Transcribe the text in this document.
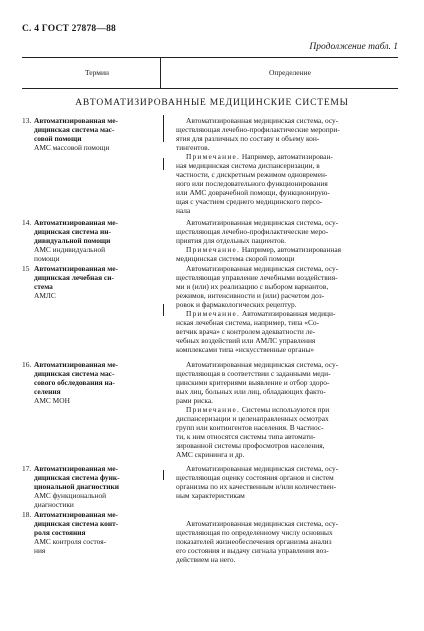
С. 4 ГОСТ 27878—88
Продолжение табл. 1
Термин	Определение
АВТОМАТИЗИРОВАННЫЕ МЕДИЦИНСКИЕ СИСТЕМЫ
13. Автоматизированная ме-
дицинская система мас-
совой помощи
АМС массовой помощи
Автоматизированная медицинская система, осу-
ществляющая лечебно-профилактические меропри-
ятия для различных по составу и объему кон-
тингентов.
Примечание. Например, автоматизирован-
ная медицинская система диспансеризации, в
частности, с дискретным режимом одновремен-
ного или последовательного функционирования
или АМС доврачебной помощи, функционирую-
щая с участием среднего медицинского персо-
нала
14. Автоматизированная ме-
дицинская система ин-
дивидуальной помощи
АМС индивидуальной
помощи
Автоматизированная медицинская система, осу-
ществляющая лечебно-профилактические меро-
приятия для отдельных пациентов.
Примечание. Например, автоматизированная
медицинская система скорой помощи
15 Автоматизированная ме-
дицинская лечебная си-
стема
АМЛС
Автоматизированная медицинская система, осу-
ществляющая управление лечебными воздействия-
ми и (или) их реализацию с выбором вариантов,
режимов, интенсивности и (или) расчетом доз-
ровок и фармакологических рецептур.
Примечание. Автоматизированная медици-
нская лечебная система, например, типа «Со-
ветчик врача» с контролем адекватности ле-
чебных воздействий или АМЛС управления
комплексами типа «искусственные органы»
16. Автоматизированная ме-
дицинская система мас-
сового обследования на-
селения
АМС МОН
Автоматизированная медицинская система, осу-
ществляющая в соответствии с заданными меди-
цинскими критериями выявление и отбор здоро-
вых лиц, больных или лиц, обладающих факто-
рами риска.
Примечание. Системы используются при
диспансеризации и целенаправленных осмотрах
групп или контингентов населения. В частнос-
ти, к ним относятся системы типа автомати-
зированной системы профосмотров населения,
АМС скрининга и др.
17. Автоматизированная ме-
дицинская система функ-
циональной диагностики
АМС функциональной
диагностики
Автоматизированная медицинская система, осу-
ществляющая оценку состояния органов и систем
организма по их качественным и/или количествен-
ным характеристикам
18. Автоматизированная ме-
дицинская система конт-
роля состояния
АМС контроля состоя-
ния
Автоматизированная медицинская система, осу-
ществляющая по определенному числу основных
показателей жизнеобеспечения организма анализ
его состояния и выдачу сигнала управления воз-
действием на него.
